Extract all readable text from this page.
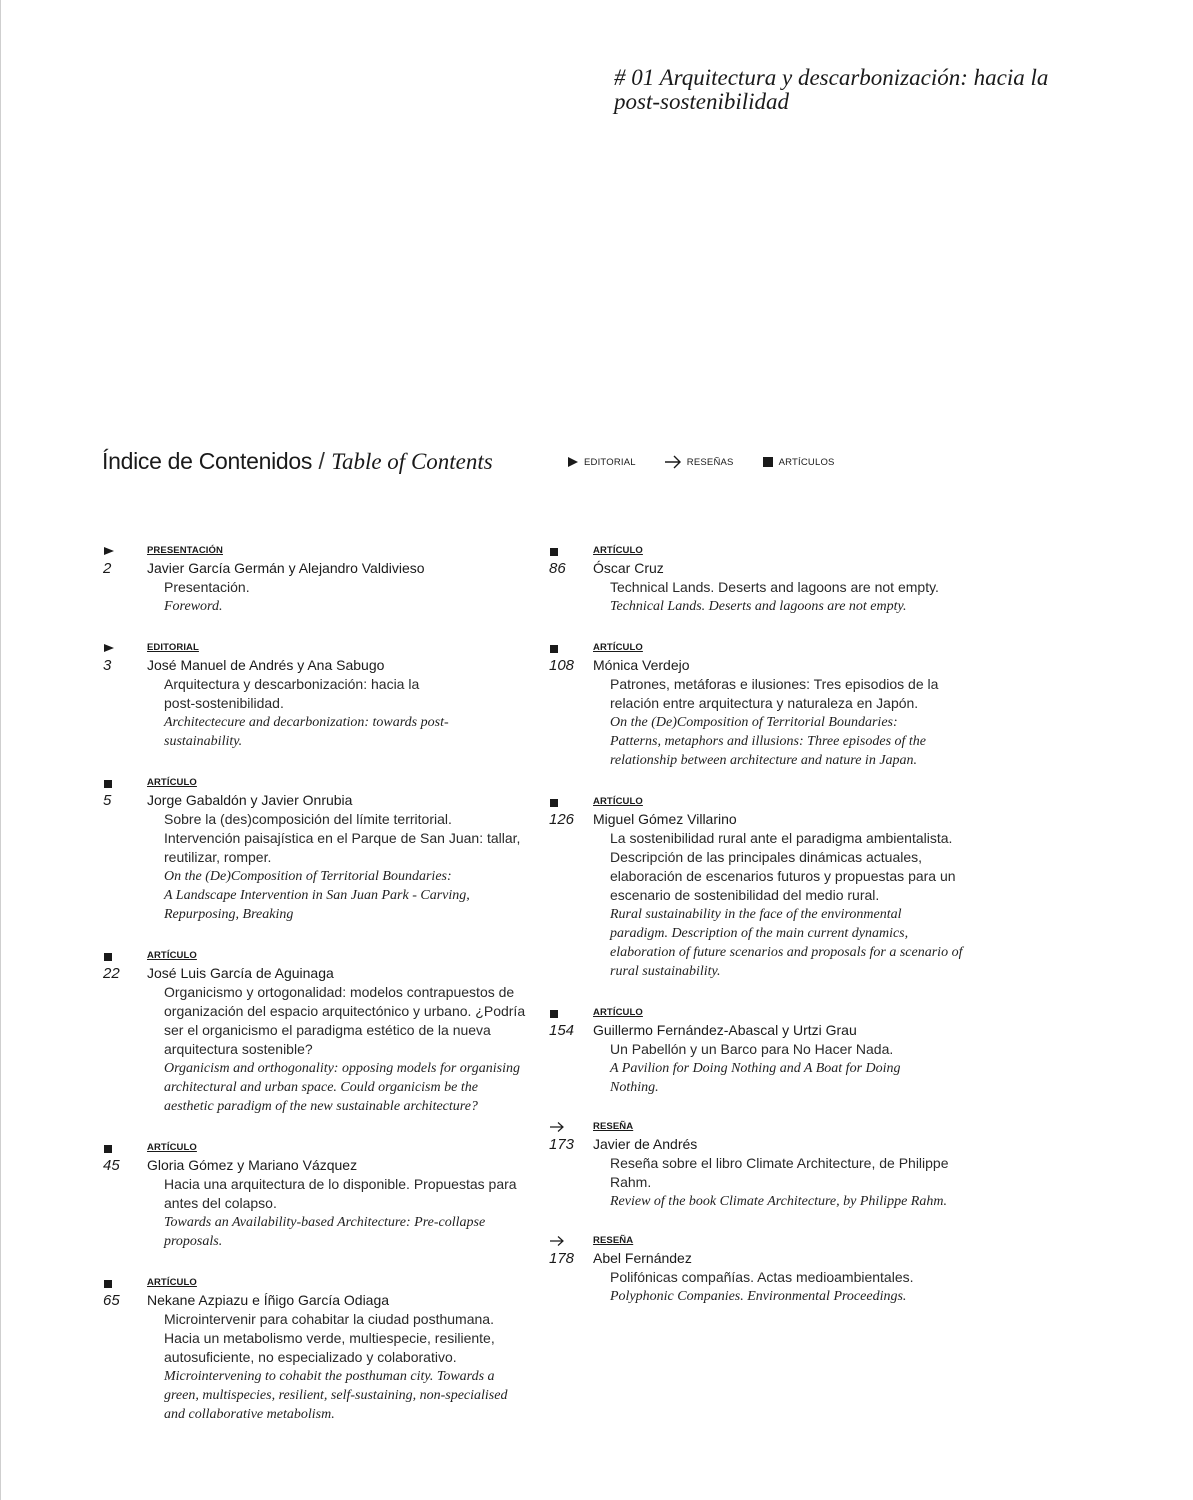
# 01 Arquitectura y descarbonización: hacia la
post-sostenibilidad
Índice de Contenidos / Table of Contents	EDITORIAL	RESEÑAS	ARTÍCULOS
PRESENTACIÓN
2	Javier García Germán y Alejandro Valdivieso
Presentación.
Foreword.
EDITORIAL
3	José Manuel de Andrés y Ana Sabugo
Arquitectura y descarbonización: hacia la
post-sostenibilidad.
Architectecure and decarbonization: towards post-
sustainability.
ARTÍCULO
5	Jorge Gabaldón y Javier Onrubia
Sobre la (des)composición del límite territorial.
Intervención paisajística en el Parque de San Juan: tallar,
reutilizar, romper.
On the (De)Composition of Territorial Boundaries:
A Landscape Intervention in San Juan Park - Carving,
Repurposing, Breaking
ARTÍCULO
22	José Luis García de Aguinaga
Organicismo y ortogonalidad: modelos contrapuestos de
organización del espacio arquitectónico y urbano. ¿Podría
ser el organicismo el paradigma estético de la nueva
arquitectura sostenible?
Organicism and orthogonality: opposing models for organising
architectural and urban space. Could organicism be the
aesthetic paradigm of the new sustainable architecture?
ARTÍCULO
45	Gloria Gómez y Mariano Vázquez
Hacia una arquitectura de lo disponible. Propuestas para
antes del colapso.
Towards an Availability-based Architecture: Pre-collapse
proposals.
ARTÍCULO
65	Nekane Azpiazu e Íñigo García Odiaga
Microintervenir para cohabitar la ciudad posthumana.
Hacia un metabolismo verde, multiespecie, resiliente,
autosuficiente, no especializado y colaborativo.
Microintervening to cohabit the posthuman city. Towards a
green, multispecies, resilient, self-sustaining, non-specialised
and collaborative metabolism.
ARTÍCULO
86	Óscar Cruz
Technical Lands. Deserts and lagoons are not empty.
Technical Lands. Deserts and lagoons are not empty.
ARTÍCULO
108	Mónica Verdejo
Patrones, metáforas e ilusiones: Tres episodios de la
relación entre arquitectura y naturaleza en Japón.
On the (De)Composition of Territorial Boundaries:
Patterns, metaphors and illusions: Three episodes of the
relationship between architecture and nature in Japan.
ARTÍCULO
126	Miguel Gómez Villarino
La sostenibilidad rural ante el paradigma ambientalista.
Descripción de las principales dinámicas actuales,
elaboración de escenarios futuros y propuestas para un
escenario de sostenibilidad del medio rural.
Rural sustainability in the face of the environmental
paradigm. Description of the main current dynamics,
elaboration of future scenarios and proposals for a scenario of
rural sustainability.
ARTÍCULO
154	Guillermo Fernández-Abascal y Urtzi Grau
Un Pabellón y un Barco para No Hacer Nada.
A Pavilion for Doing Nothing and A Boat for Doing
Nothing.
RESEÑA
173	Javier de Andrés
Reseña sobre el libro Climate Architecture, de Philippe
Rahm.
Review of the book Climate Architecture, by Philippe Rahm.
RESEÑA
178	Abel Fernández
Polifónicas compañías. Actas medioambientales.
Polyphonic Companies. Environmental Proceedings.
